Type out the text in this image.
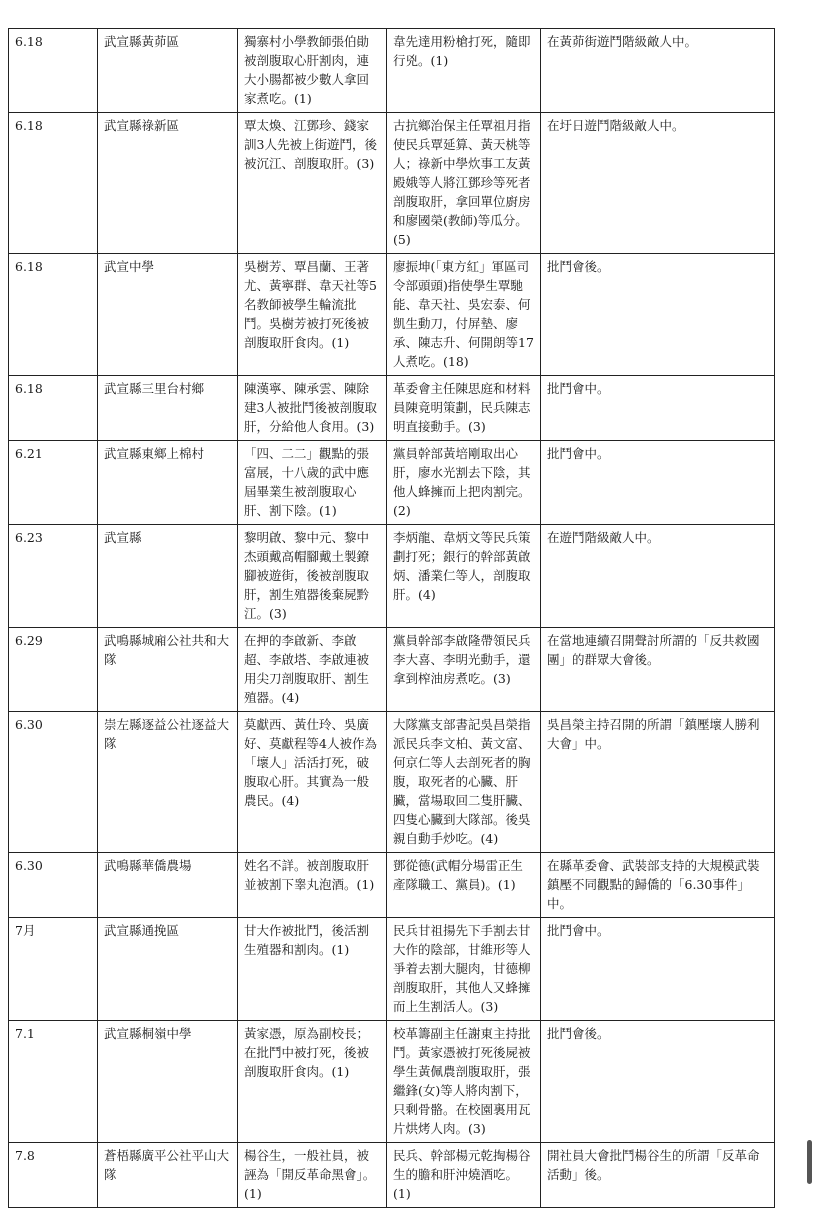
6.18	武宣縣黃茆區	獨寨村小學教師張伯勛被剖腹取心肝割肉，連大小腸都被少數人拿回家煮吃。(1)	韋先達用粉槍打死，隨即行兇。(1)	在黃茆街遊鬥階級敵人中。
6.18	武宣縣祿新區	覃太煥、江鄧珍、錢家訓3人先被上街遊鬥，後被沉江、剖腹取肝。(3)	古抗鄉治保主任覃祖月指使民兵覃延算、黃天桃等人；祿新中學炊事工友黃殿娥等人將江鄧珍等死者剖腹取肝，拿回單位廚房和廖國榮(教師)等瓜分。(5)	在圩日遊鬥階級敵人中。
6.18	武宣中學	吳樹芳、覃昌蘭、王著尤、黃寧群、韋天社等5名教師被學生輪流批鬥。吳樹芳被打死後被剖腹取肝食肉。(1)	廖振坤(「東方紅」軍區司令部頭頭)指使學生覃馳能、韋天社、吳宏泰、何凱生動刀，付屏墊、廖承、陳志升、何開朗等17人煮吃。(18)	批鬥會後。
6.18	武宣縣三里台村鄉	陳漢寧、陳承雲、陳除建3人被批鬥後被剖腹取肝，分給他人食用。(3)	革委會主任陳思庭和材料員陳竟明策劃，民兵陳志明直接動手。(3)	批鬥會中。
6.21	武宣縣東鄉上棉村	「四、二二」觀點的張富展，十八歲的武中應屆畢業生被剖腹取心肝、割下陰。(1)	黨員幹部黃培剛取出心肝，廖水光割去下陰，其他人蜂擁而上把肉割完。(2)	批鬥會中。
6.23	武宣縣	黎明啟、黎中元、黎中杰頭戴高帽腳戴土製鐐腳被遊街，後被剖腹取肝，割生殖器後棄屍黔江。(3)	李炳龍、韋炳文等民兵策劃打死；銀行的幹部黃啟炳、潘業仁等人，剖腹取肝。(4)	在遊鬥階級敵人中。
6.29	武鳴縣城廂公社共和大隊	在押的李啟新、李啟超、李啟塔、李啟連被用尖刀剖腹取肝、割生殖器。(4)	黨員幹部李啟隆帶領民兵李大喜、李明光動手，還拿到榨油房煮吃。(3)	在當地連續召開聲討所謂的「反共救國團」的群眾大會後。
6.30	崇左縣逐益公社逐益大隊	莫獻西、黃仕玲、吳廣好、莫獻程等4人被作為「壞人」活活打死，破腹取心肝。其實為一般農民。(4)	大隊黨支部書記吳昌榮指派民兵李文柏、黃文富、何京仁等人去剖死者的胸腹，取死者的心臟、肝臟，當場取回二隻肝臟、四隻心臟到大隊部。後吳親自動手炒吃。(4)	吳昌榮主持召開的所謂「鎮壓壞人勝利大會」中。
6.30	武鳴縣華僑農場	姓名不詳。被剖腹取肝並被割下睾丸泡酒。(1)	鄧從德(武帽分場雷正生產隊職工、黨員)。(1)	在縣革委會、武裝部支持的大規模武裝鎮壓不同觀點的歸僑的「6.30事件」中。
7月	武宣縣通挽區	甘大作被批鬥，後活割生殖器和割肉。(1)	民兵甘祖揚先下手割去甘大作的陰部，甘維形等人爭着去割大腿肉，甘德柳剖腹取肝，其他人又蜂擁而上生割活人。(3)	批鬥會中。
7.1	武宣縣桐嶺中學	黃家憑，原為副校長；在批鬥中被打死，後被剖腹取肝食肉。(1)	校革籌副主任謝東主持批鬥。黃家憑被打死後屍被學生黃佩農剖腹取肝，張繼鋒(女)等人將肉割下，只剩骨骼。在校園裏用瓦片烘烤人肉。(3)	批鬥會後。
7.8	蒼梧縣廣平公社平山大隊	楊谷生，一般社員，被誣為「開反革命黑會」。(1)	民兵、幹部楊元乾掏楊谷生的膽和肝沖燒酒吃。(1)	開社員大會批鬥楊谷生的所謂「反革命活動」後。
